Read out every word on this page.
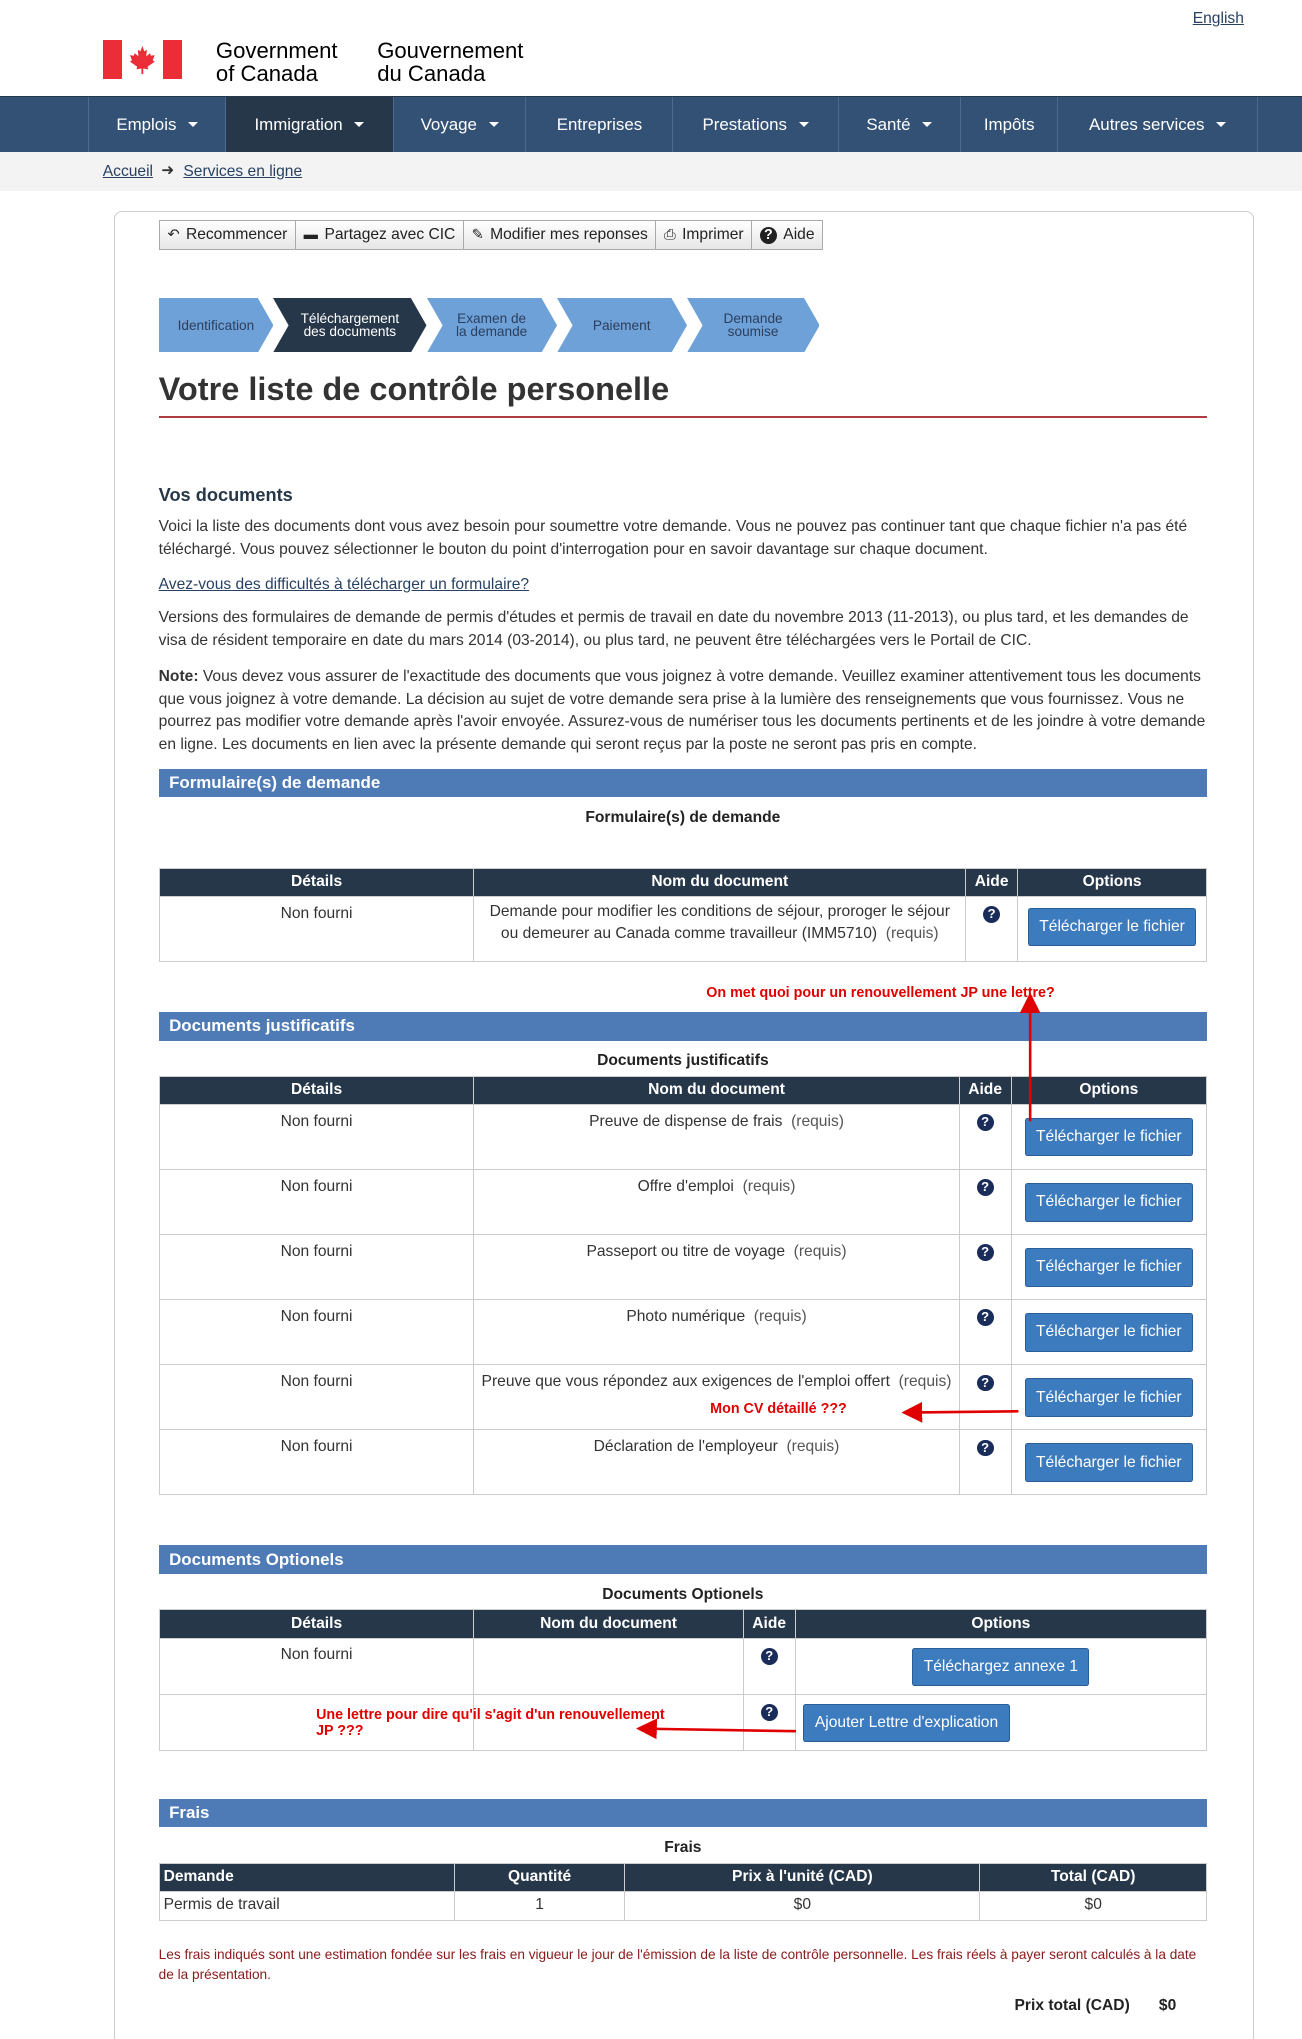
English
Government
of Canada
Gouvernement
du Canada
Emplois	Immigration	Voyage	Entreprises	Prestations	Santé	Impôts	Autres services
Accueil ➜ Services en ligne
↶ Recommencer ▬ Partagez avec CIC ✎ Modifier mes reponses ⎙ Imprimer	? Aide
Identification	Téléchargement
des documents
Examen de
la demande	Paiement	Demande
soumise
Votre liste de contrôle personelle
Vos documents

Voici la liste des documents dont vous avez besoin pour soumettre votre demande. Vous ne pouvez pas continuer tant que chaque fichier n'a pas été téléchargé. Vous pouvez sélectionner le bouton du point d'interrogation pour en savoir davantage sur chaque document.

Avez-vous des difficultés à télécharger un formulaire?

Versions des formulaires de demande de permis d'études et permis de travail en date du novembre 2013 (11-2013), ou plus tard, et les demandes de visa de résident temporaire en date du mars 2014 (03-2014), ou plus tard, ne peuvent être téléchargées vers le Portail de CIC.

Note: Vous devez vous assurer de l'exactitude des documents que vous joignez à votre demande. Veuillez examiner attentivement tous les documents que vous joignez à votre demande. La décision au sujet de votre demande sera prise à la lumière des renseignements que vous fournissez. Vous ne pourrez pas modifier votre demande après l'avoir envoyée. Assurez-vous de numériser tous les documents pertinents et de les joindre à votre demande en ligne. Les documents en lien avec la présente demande qui seront reçus par la poste ne seront pas pris en compte.

Formulaire(s) de demande
Formulaire(s) de demande
Détails	Nom du document	Aide	Options
Non fourni	Demande pour modifier les conditions de séjour, proroger le séjour ou demeurer au Canada comme travailleur (IMM5710) (requis)	?	Télécharger le fichier
On met quoi pour un renouvellement JP une lettre?
Documents justificatifs
Documents justificatifs
Détails	Nom du document	Aide	Options
Non fourni	Preuve de dispense de frais (requis)	?	Télécharger le fichier
Non fourni	Offre d'emploi (requis)	?	Télécharger le fichier
Non fourni	Passeport ou titre de voyage (requis)	?	Télécharger le fichier
Non fourni	Photo numérique (requis)	?	Télécharger le fichier
Non fourni	Preuve que vous répondez aux exigences de l'emploi offert (requis)	?	Télécharger le fichier
Non fourni	Déclaration de l'employeur (requis)	?	Télécharger le fichier
Mon CV détaillé ???
Documents Optionels
Documents Optionels
Détails	Nom du document	Aide	Options
Non fourni		?	Téléchargez annexe 1
		?	Ajouter Lettre d'explication
Une lettre pour dire qu'il s'agit d'un renouvellement
JP ???
Frais
Frais
Demande	Quantité	Prix à l'unité (CAD)	Total (CAD)
Permis de travail	1	$0	$0
Les frais indiqués sont une estimation fondée sur les frais en vigueur le jour de l'émission de la liste de contrôle personnelle. Les frais réels à payer seront calculés à la date de la présentation.
Prix total (CAD) $0
